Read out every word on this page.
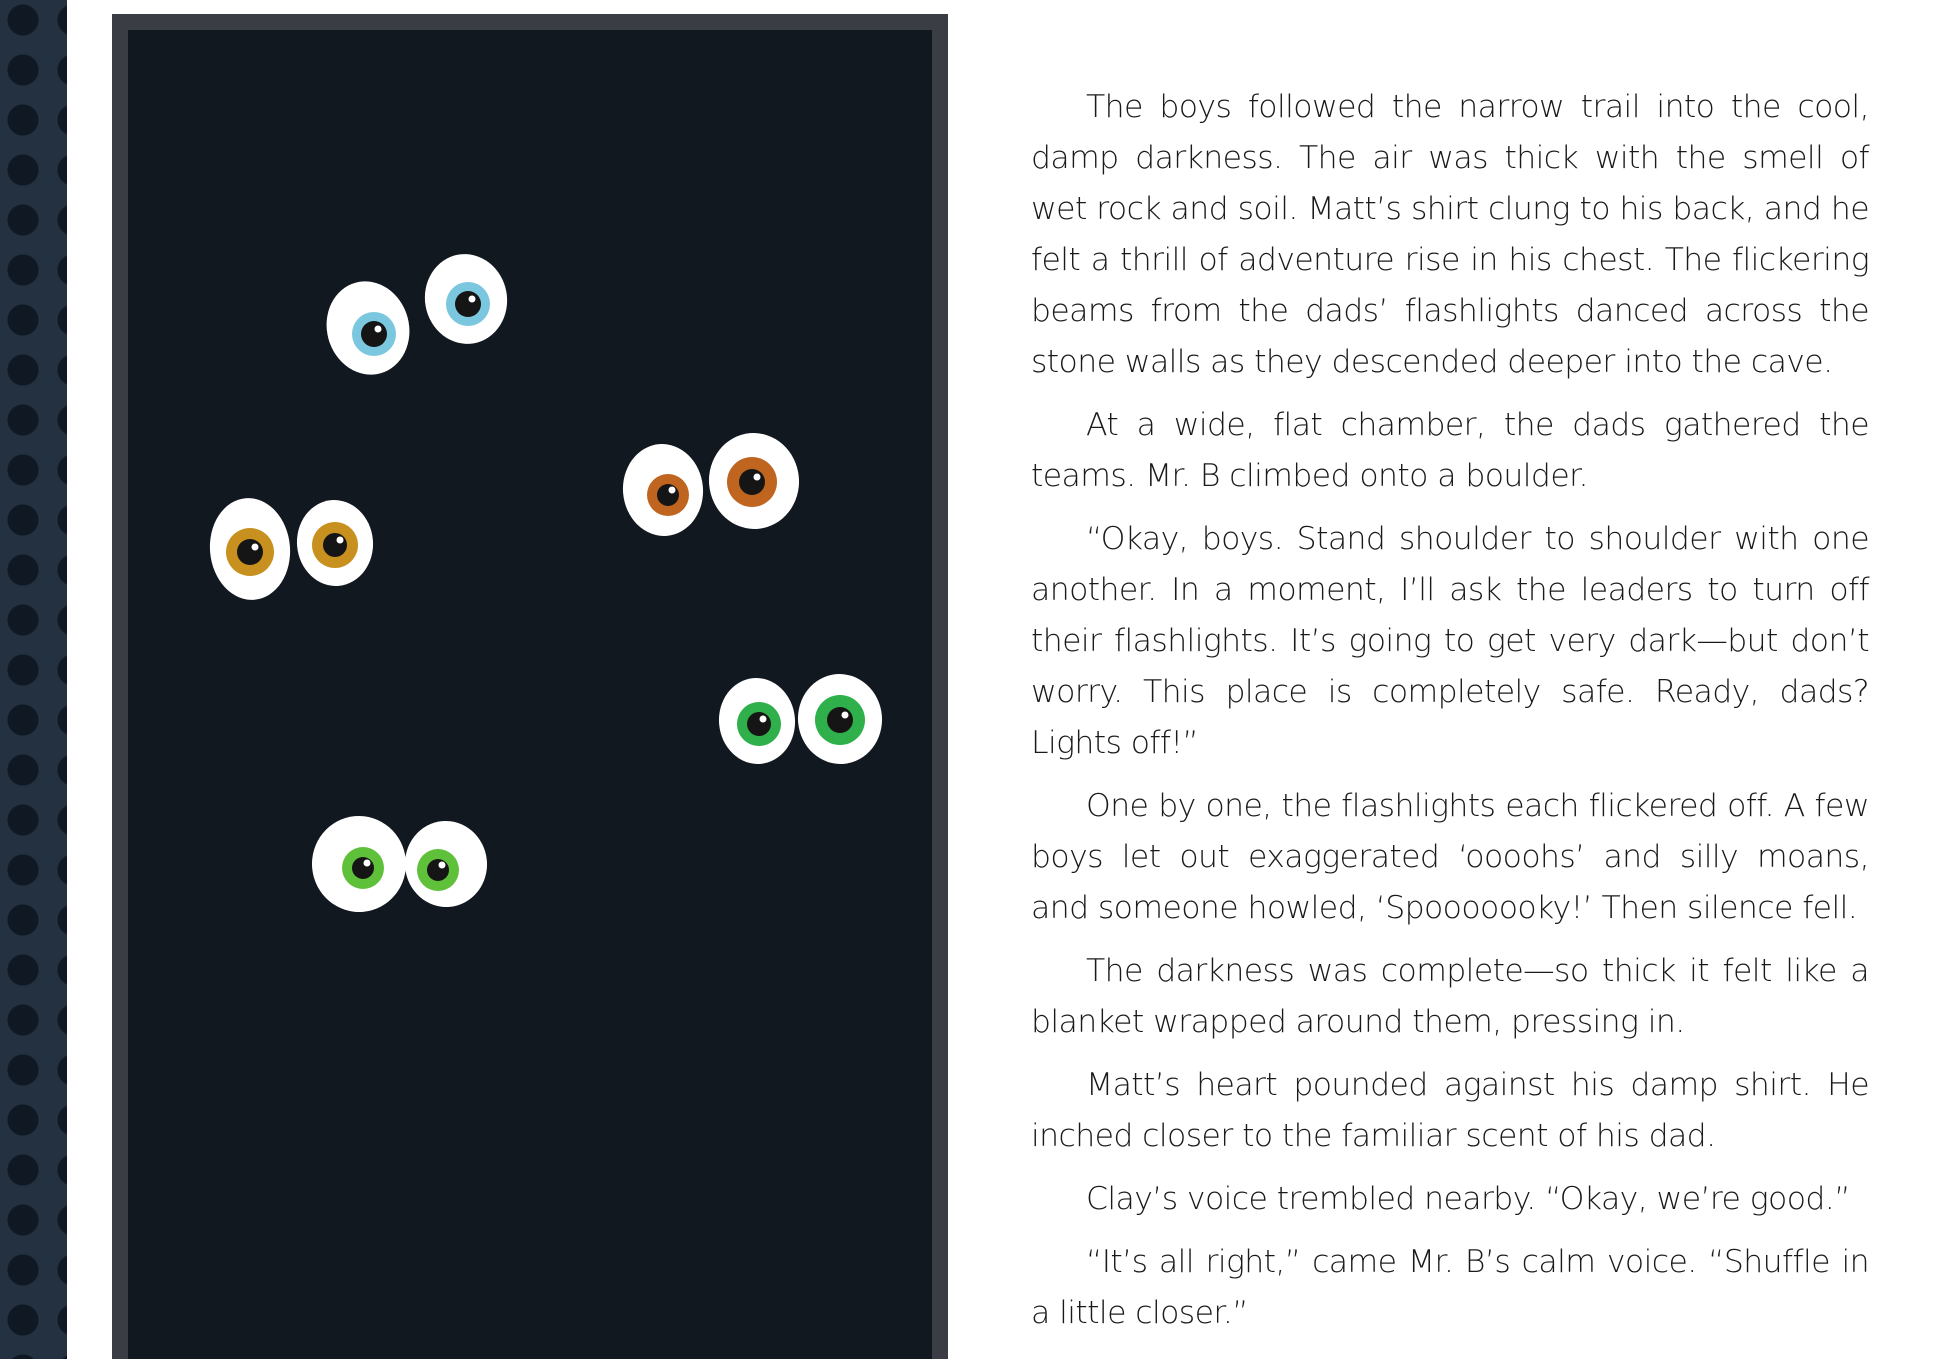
The boys followed the narrow trail into the cool, damp darkness. The air was thick with the smell of wet rock and soil. Matt’s shirt clung to his back, and he felt a thrill of adventure rise in his chest. The flickering beams from the dads’ flashlights danced across the stone walls as they descended deeper into the cave.

At a wide, flat chamber, the dads gathered the teams. Mr. B climbed onto a boulder.

“Okay, boys. Stand shoulder to shoulder with one another. In a moment, I’ll ask the leaders to turn off their flashlights. It’s going to get very dark—but don’t worry. This place is completely safe. Ready, dads? Lights off!”

One by one, the flashlights each flickered off. A few boys let out exaggerated ‘oooohs’ and silly moans, and someone howled, ‘Spooooooky!’ Then silence fell.

The darkness was complete—so thick it felt like a blanket wrapped around them, pressing in.

Matt’s heart pounded against his damp shirt. He inched closer to the familiar scent of his dad.

Clay’s voice trembled nearby. “Okay, we’re good.”

“It’s all right,” came Mr. B’s calm voice. “Shuffle in a little closer.”
